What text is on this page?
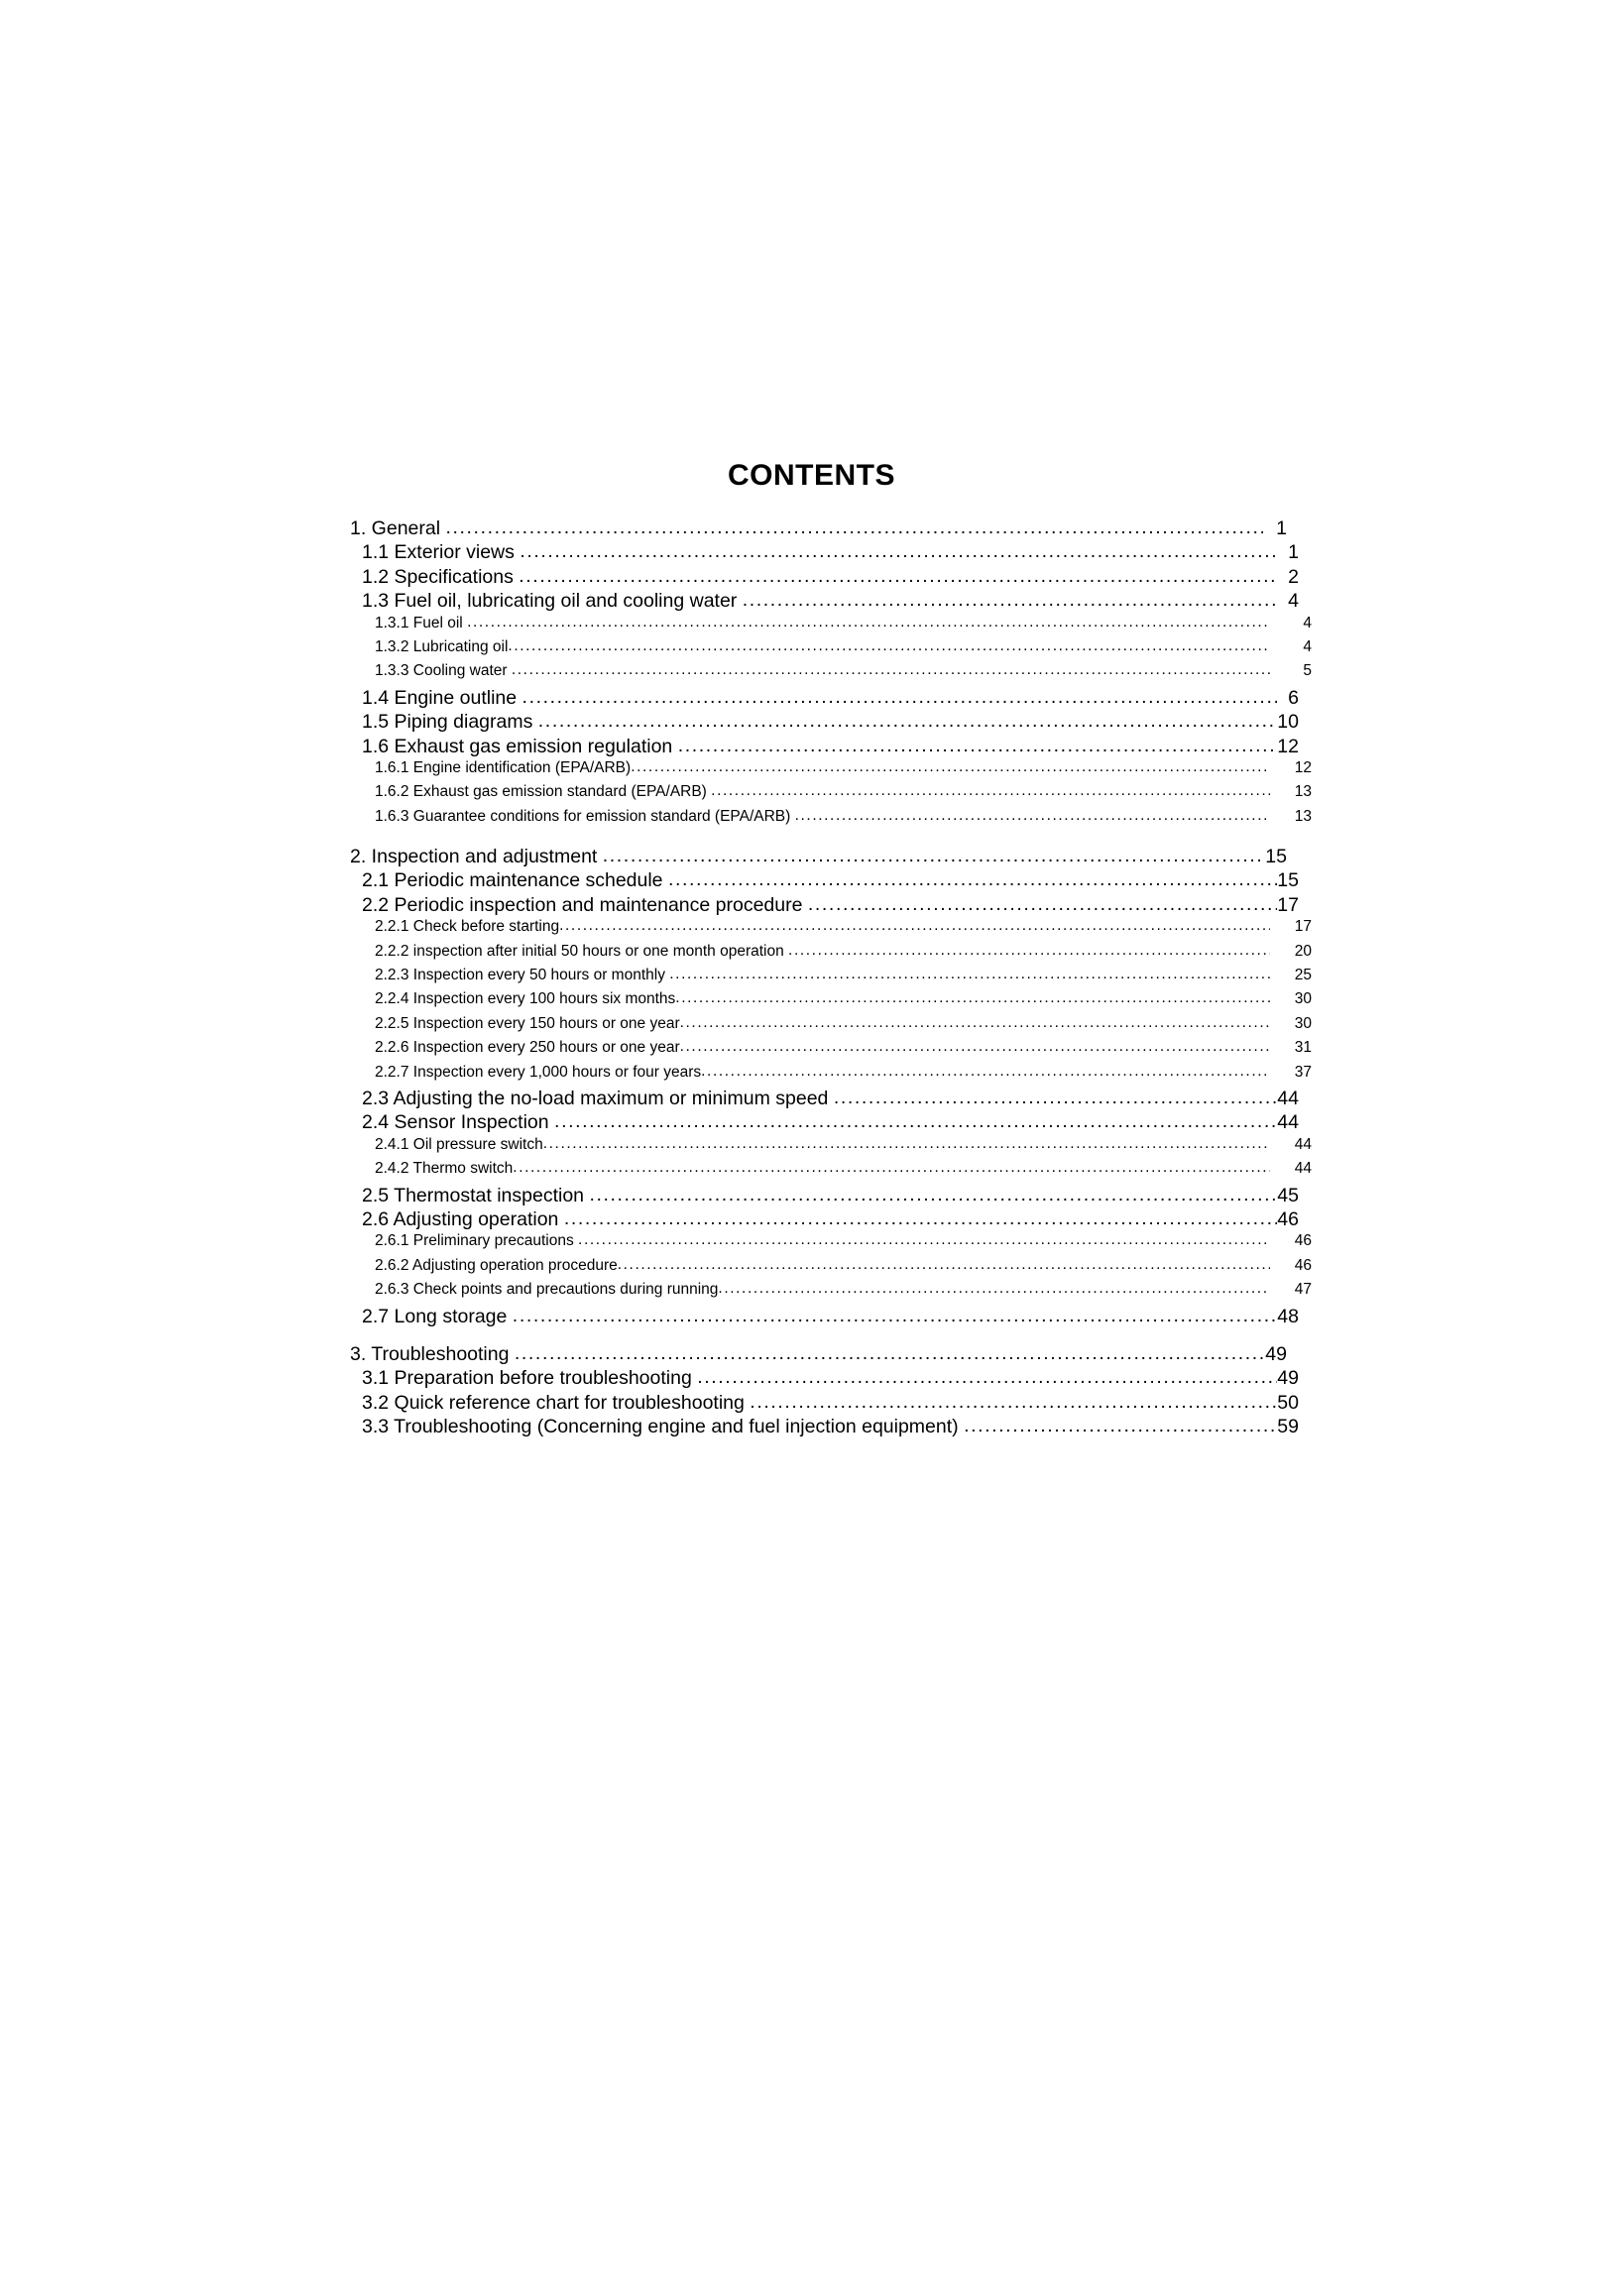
CONTENTS
1. General .....	1
1.1 Exterior views .....	1
1.2 Specifications .....	2
1.3 Fuel oil, lubricating oil and cooling water .....	4
1.3.1 Fuel oil .....	4
1.3.2 Lubricating oil .....	4
1.3.3 Cooling water .....	5
1.4 Engine outline .....	6
1.5 Piping diagrams .....	10
1.6 Exhaust gas emission regulation .....	12
1.6.1 Engine identification (EPA/ARB) .....	12
1.6.2 Exhaust gas emission standard (EPA/ARB) .....	13
1.6.3 Guarantee conditions for emission standard (EPA/ARB) .....	13
2. Inspection and adjustment .....	15
2.1 Periodic maintenance schedule .....	15
2.2 Periodic inspection and maintenance procedure .....	17
2.2.1 Check before starting .....	17
2.2.2 inspection after initial 50 hours or one month operation .....	20
2.2.3 Inspection every 50 hours or monthly .....	25
2.2.4 Inspection every 100 hours six months .....	30
2.2.5 Inspection every 150 hours or one year .....	30
2.2.6 Inspection every 250 hours or one year .....	31
2.2.7 Inspection every 1,000 hours or four years .....	37
2.3 Adjusting the no-load maximum or minimum speed .....	44
2.4 Sensor Inspection .....	44
2.4.1 Oil pressure switch .....	44
2.4.2 Thermo switch .....	44
2.5 Thermostat inspection .....	45
2.6 Adjusting operation .....	46
2.6.1 Preliminary precautions .....	46
2.6.2 Adjusting operation procedure .....	46
2.6.3 Check points and precautions during running .....	47
2.7 Long storage .....	48
3. Troubleshooting .....	49
3.1 Preparation before troubleshooting .....	49
3.2 Quick reference chart for troubleshooting .....	50
3.3 Troubleshooting (Concerning engine and fuel injection equipment) .....	59
